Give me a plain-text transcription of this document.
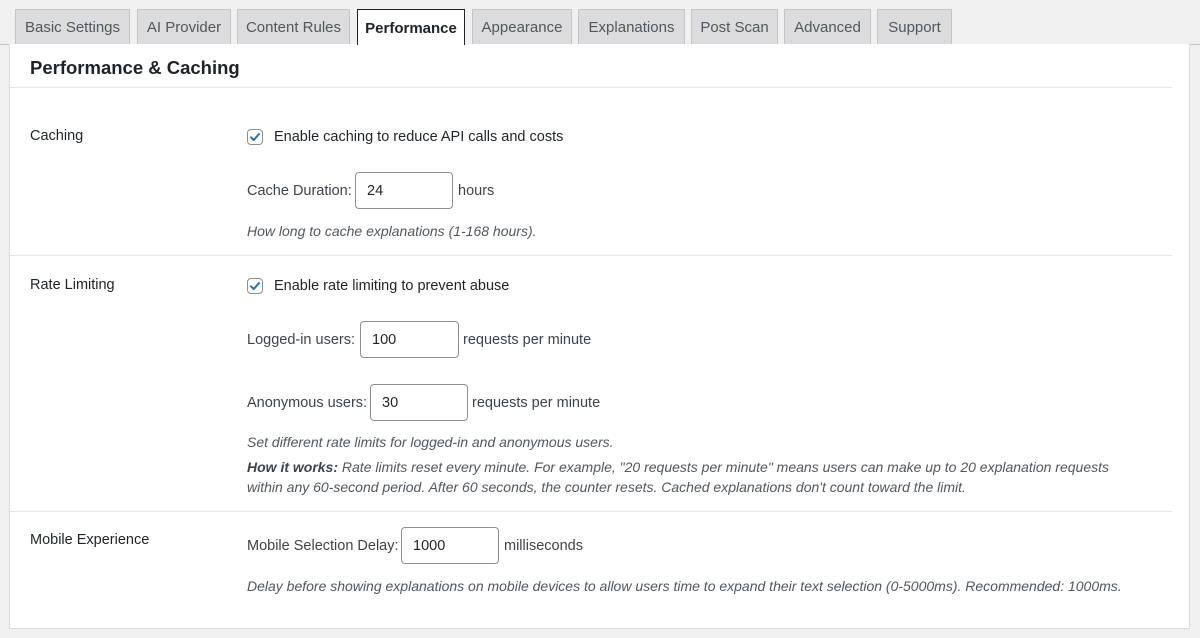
Basic Settings	AI Provider	Content Rules	Performance	Appearance	Explanations	Post Scan	Advanced	Support
Performance & Caching
Caching	Enable caching to reduce API calls and costs
Cache Duration:
24	hours
How long to cache explanations (1-168 hours).
Rate Limiting	Enable rate limiting to prevent abuse
Logged-in users:
100	requests per minute
Anonymous users:
30	requests per minute
Set different rate limits for logged-in and anonymous users.
How it works: Rate limits reset every minute. For example, "20 requests per minute" means users can make up to 20 explanation requests
within any 60-second period. After 60 seconds, the counter resets. Cached explanations don't count toward the limit.
Mobile Experience	Mobile Selection Delay:
1000	milliseconds
Delay before showing explanations on mobile devices to allow users time to expand their text selection (0-5000ms). Recommended: 1000ms.
